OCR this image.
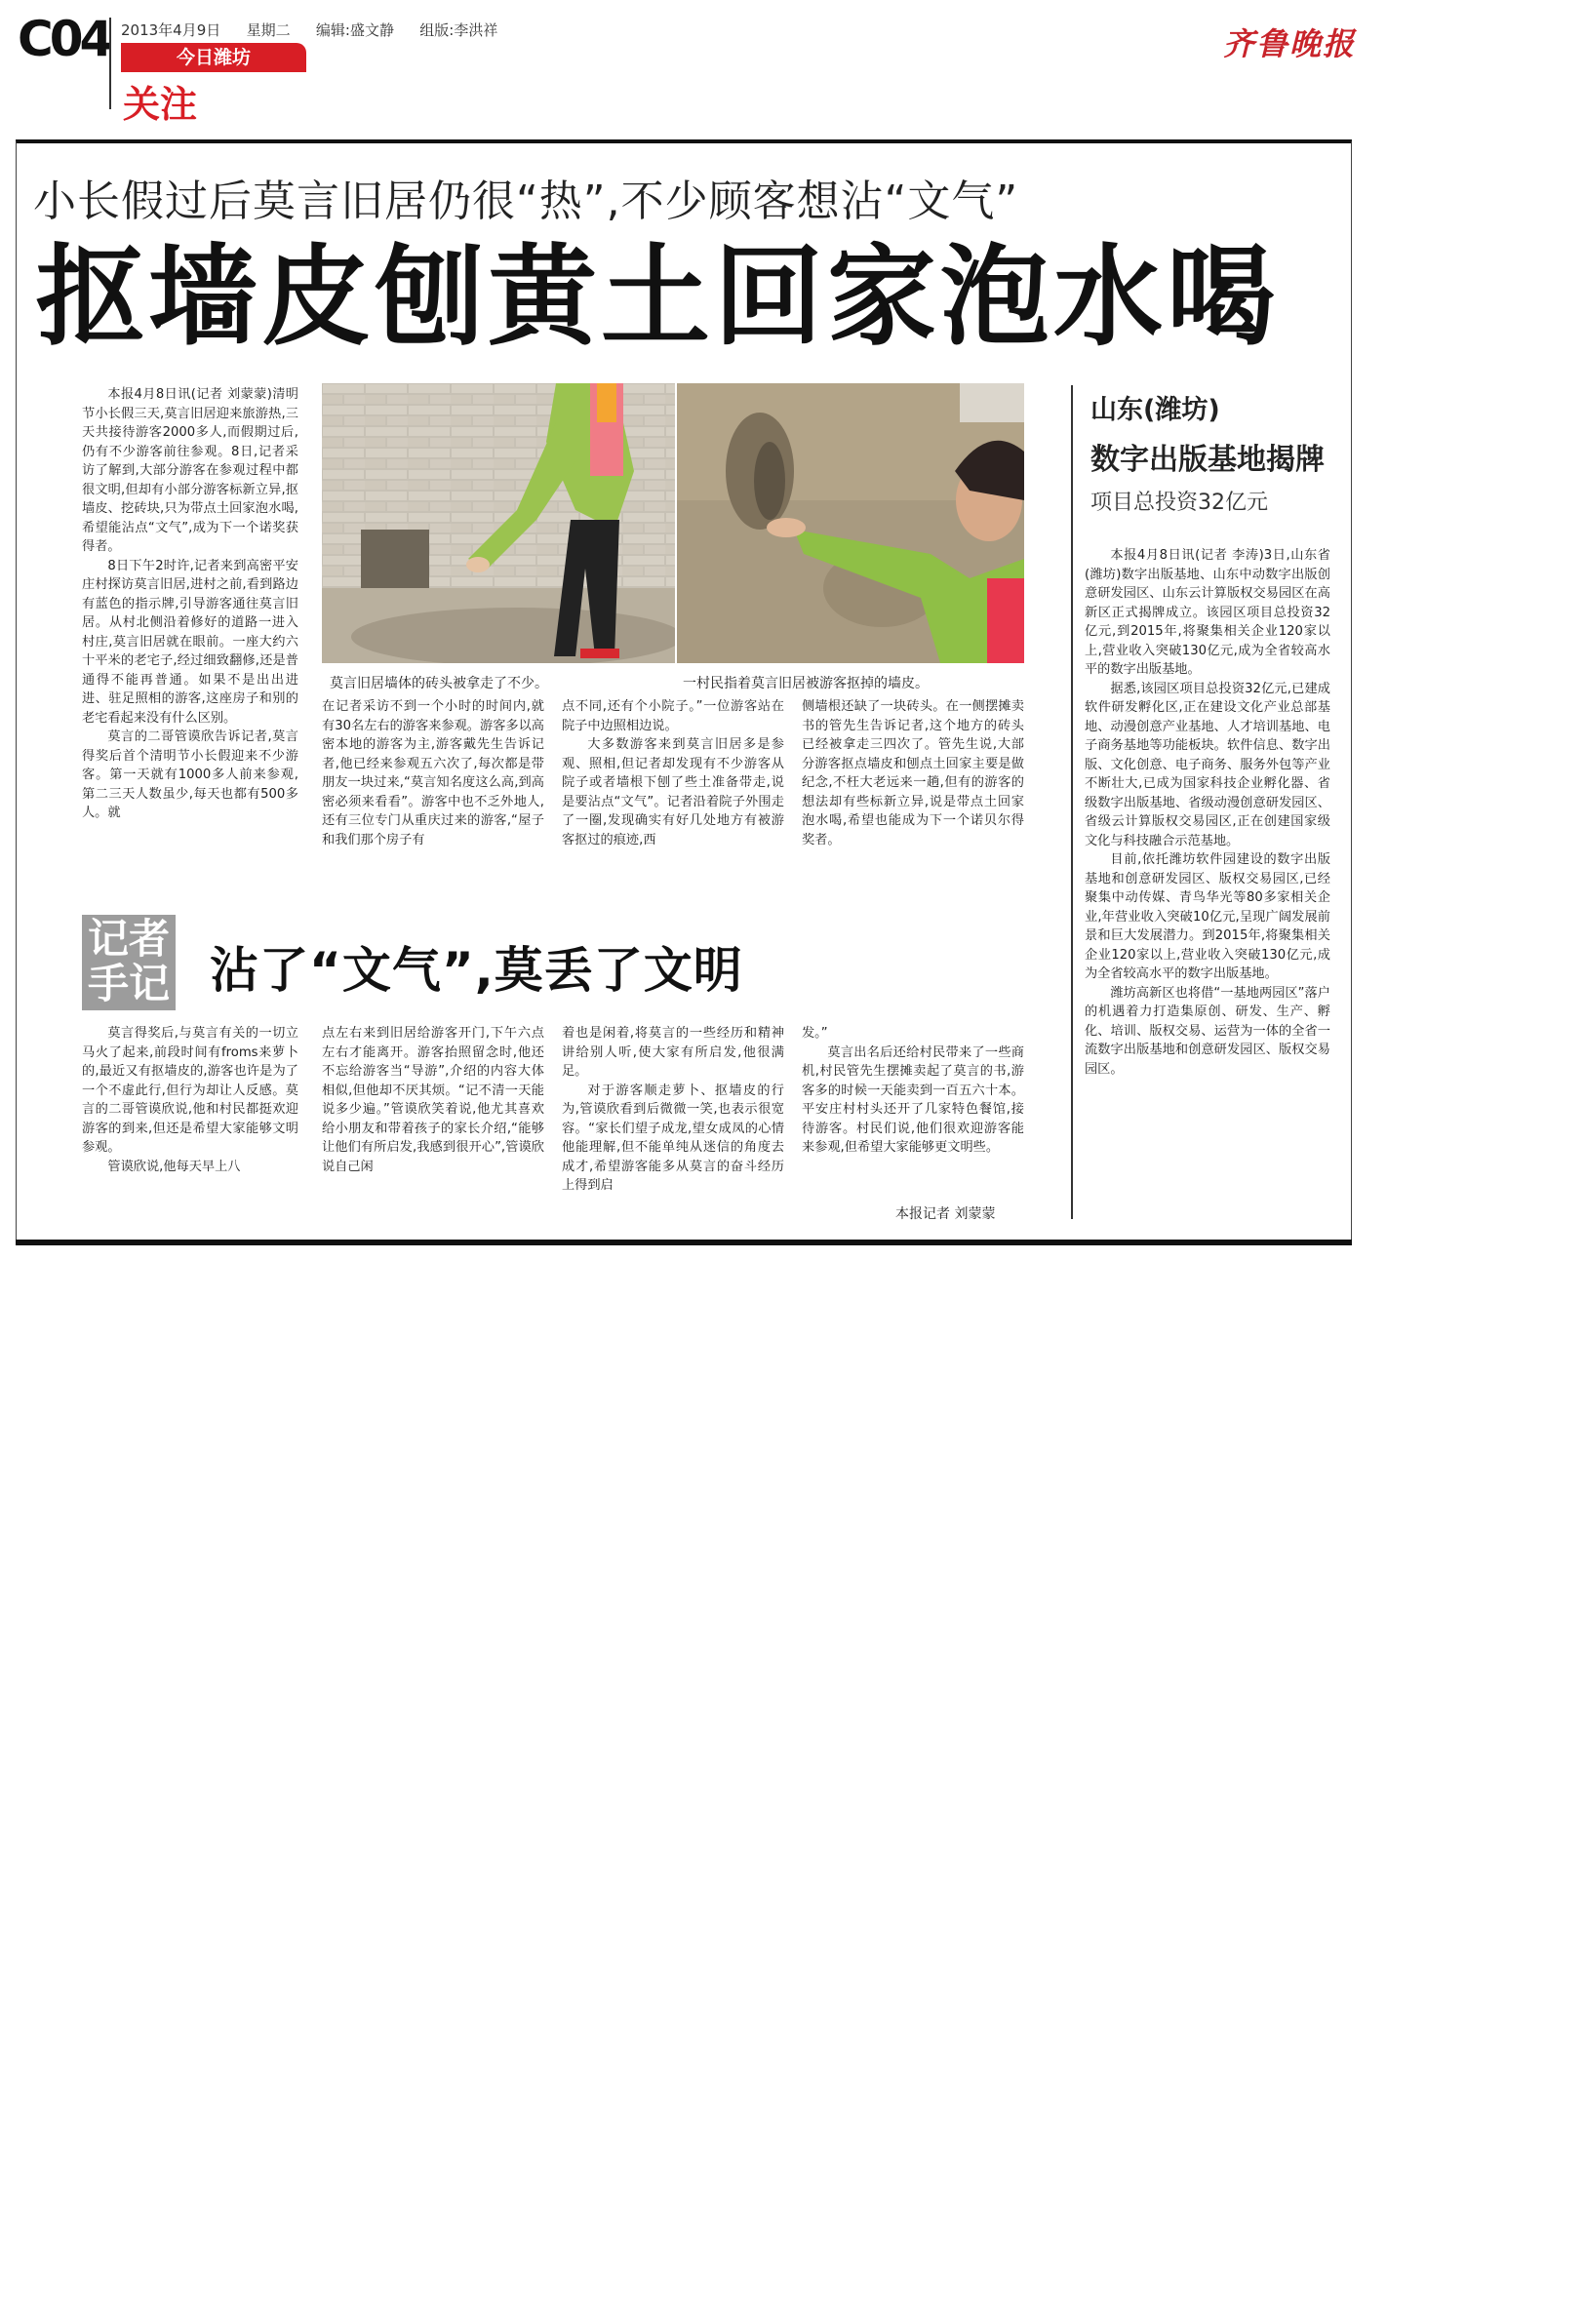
C04 2013年4月9日 星期二 编辑:盛文静 组版:李洪祥
今日潍坊
关注
齐鲁晚报
小长假过后莫言旧居仍很“热”,不少顾客想沾“文气”
抠墙皮刨黄土回家泡水喝

本报4月8日讯(记者 刘蒙蒙)清明节小长假三天,莫言旧居迎来旅游热,三天共接待游客2000多人,而假期过后,仍有不少游客前往参观。8日,记者采访了解到,大部分游客在参观过程中都很文明,但却有小部分游客标新立异,抠墙皮、挖砖块,只为带点土回家泡水喝,希望能沾点“文气”,成为下一个诺奖获得者。

8日下午2时许,记者来到高密平安庄村探访莫言旧居,进村之前,看到路边有蓝色的指示牌,引导游客通往莫言旧居。从村北侧沿着修好的道路一进入村庄,莫言旧居就在眼前。一座大约六十平米的老宅子,经过细致翻修,还是普通得不能再普通。如果不是出出进进、驻足照相的游客,这座房子和别的老宅看起来没有什么区别。

莫言的二哥管谟欣告诉记者,莫言得奖后首个清明节小长假迎来不少游客。第一天就有1000多人前来参观,第二三天人数虽少,每天也都有500多人。就

莫言旧居墙体的砖头被拿走了不少。	一村民指着莫言旧居被游客抠掉的墙皮。

在记者采访不到一个小时的时间内,就有30名左右的游客来参观。游客多以高密本地的游客为主,游客戴先生告诉记者,他已经来参观五六次了,每次都是带朋友一块过来,“莫言知名度这么高,到高密必须来看看”。游客中也不乏外地人,还有三位专门从重庆过来的游客,“屋子和我们那个房子有

点不同,还有个小院子。”一位游客站在院子中边照相边说。

大多数游客来到莫言旧居多是参观、照相,但记者却发现有不少游客从院子或者墙根下刨了些土准备带走,说是要沾点“文气”。记者沿着院子外围走了一圈,发现确实有好几处地方有被游客抠过的痕迹,西

侧墙根还缺了一块砖头。在一侧摆摊卖书的管先生告诉记者,这个地方的砖头已经被拿走三四次了。管先生说,大部分游客抠点墙皮和刨点土回家主要是做纪念,不枉大老远来一趟,但有的游客的想法却有些标新立异,说是带点土回家泡水喝,希望也能成为下一个诺贝尔得奖者。

山东(潍坊)
数字出版基地揭牌
项目总投资32亿元

本报4月8日讯(记者 李涛)3日,山东省(潍坊)数字出版基地、山东中动数字出版创意研发园区、山东云计算版权交易园区在高新区正式揭牌成立。该园区项目总投资32亿元,到2015年,将聚集相关企业120家以上,营业收入突破130亿元,成为全省较高水平的数字出版基地。

据悉,该园区项目总投资32亿元,已建成软件研发孵化区,正在建设文化产业总部基地、动漫创意产业基地、人才培训基地、电子商务基地等功能板块。软件信息、数字出版、文化创意、电子商务、服务外包等产业不断壮大,已成为国家科技企业孵化器、省级数字出版基地、省级动漫创意研发园区、省级云计算版权交易园区,正在创建国家级文化与科技融合示范基地。

目前,依托潍坊软件园建设的数字出版基地和创意研发园区、版权交易园区,已经聚集中动传媒、青鸟华光等80多家相关企业,年营业收入突破10亿元,呈现广阔发展前景和巨大发展潜力。到2015年,将聚集相关企业120家以上,营业收入突破130亿元,成为全省较高水平的数字出版基地。

潍坊高新区也将借“一基地两园区”落户的机遇着力打造集原创、研发、生产、孵化、培训、版权交易、运营为一体的全省一流数字出版基地和创意研发园区、版权交易园区。

记者
手记 沾了“文气”,莫丢了文明

莫言得奖后,与莫言有关的一切立马火了起来,前段时间有froms来萝卜的,最近又有抠墙皮的,游客也许是为了一个不虚此行,但行为却让人反感。莫言的二哥管谟欣说,他和村民都挺欢迎游客的到来,但还是希望大家能够文明参观。

管谟欣说,他每天早上八

点左右来到旧居给游客开门,下午六点左右才能离开。游客抬照留念时,他还不忘给游客当“导游”,介绍的内容大体相似,但他却不厌其烦。“记不清一天能说多少遍。”管谟欣笑着说,他尤其喜欢给小朋友和带着孩子的家长介绍,“能够让他们有所启发,我感到很开心”,管谟欣说自己闲

着也是闲着,将莫言的一些经历和精神讲给别人听,使大家有所启发,他很满足。

对于游客顺走萝卜、抠墙皮的行为,管谟欣看到后微微一笑,也表示很宽容。“家长们望子成龙,望女成凤的心情他能理解,但不能单纯从迷信的角度去成才,希望游客能多从莫言的奋斗经历上得到启

发。”

莫言出名后还给村民带来了一些商机,村民管先生摆摊卖起了莫言的书,游客多的时候一天能卖到一百五六十本。平安庄村村头还开了几家特色餐馆,接待游客。村民们说,他们很欢迎游客能来参观,但希望大家能够更文明些。

本报记者 刘蒙蒙
